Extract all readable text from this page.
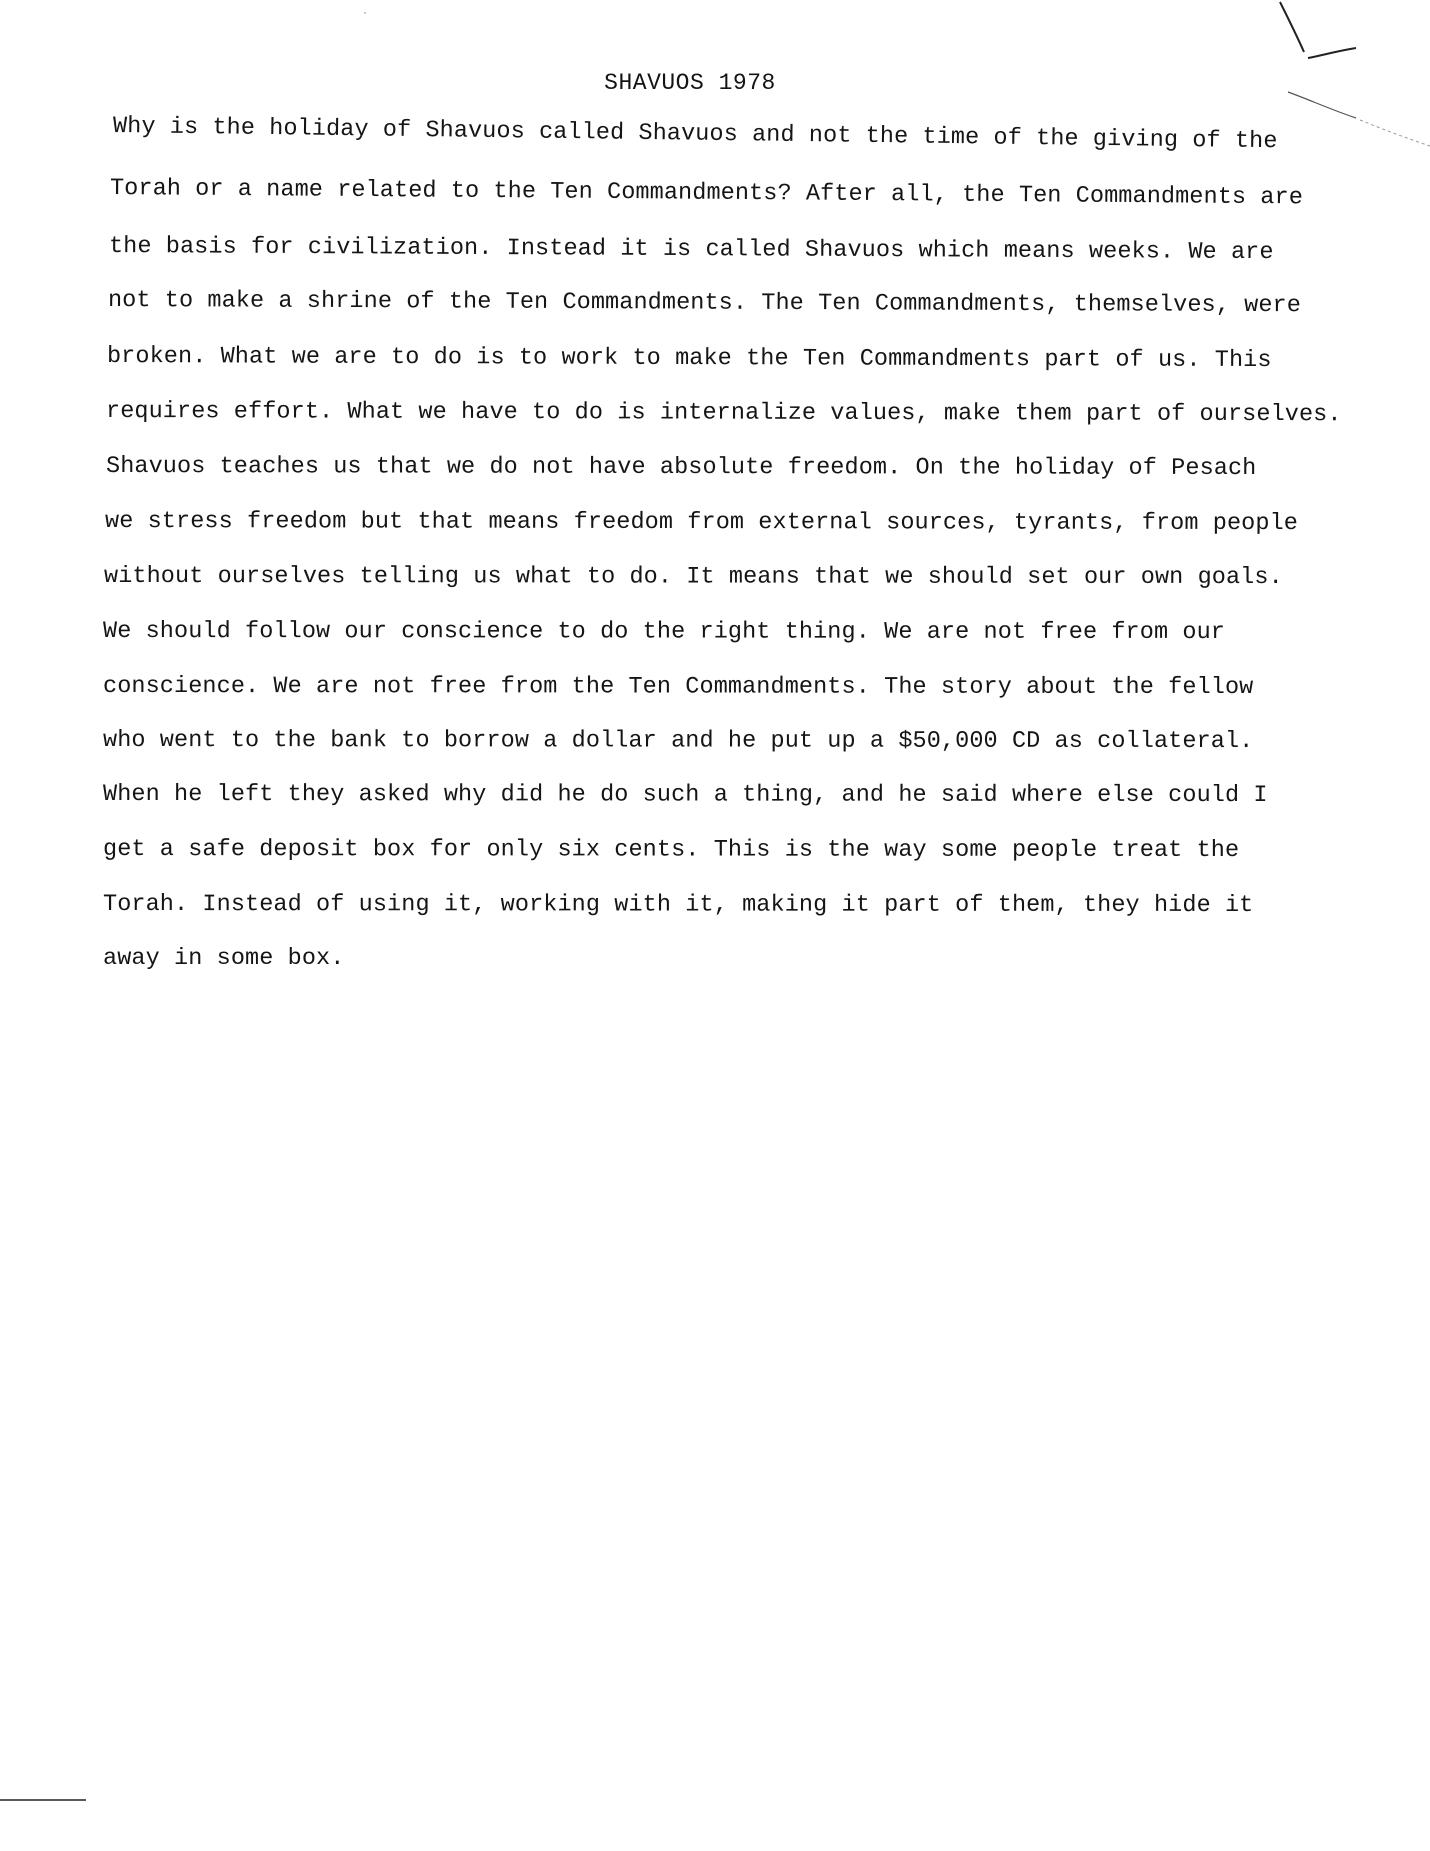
SHAVUOS 1978
Why is the holiday of Shavuos called Shavuos and not the time of the giving of the
Torah or a name related to the Ten Commandments? After all, the Ten Commandments are
the basis for civilization. Instead it is called Shavuos which means weeks. We are
not to make a shrine of the Ten Commandments. The Ten Commandments, themselves, were
broken. What we are to do is to work to make the Ten Commandments part of us. This
requires effort. What we have to do is internalize values, make them part of ourselves.
Shavuos teaches us that we do not have absolute freedom. On the holiday of Pesach
we stress freedom but that means freedom from external sources, tyrants, from people
without ourselves telling us what to do. It means that we should set our own goals.
We should follow our conscience to do the right thing. We are not free from our
conscience. We are not free from the Ten Commandments. The story about the fellow
who went to the bank to borrow a dollar and he put up a $50,000 CD as collateral.
When he left they asked why did he do such a thing, and he said where else could I
get a safe deposit box for only six cents. This is the way some people treat the
Torah. Instead of using it, working with it, making it part of them, they hide it
away in some box.
